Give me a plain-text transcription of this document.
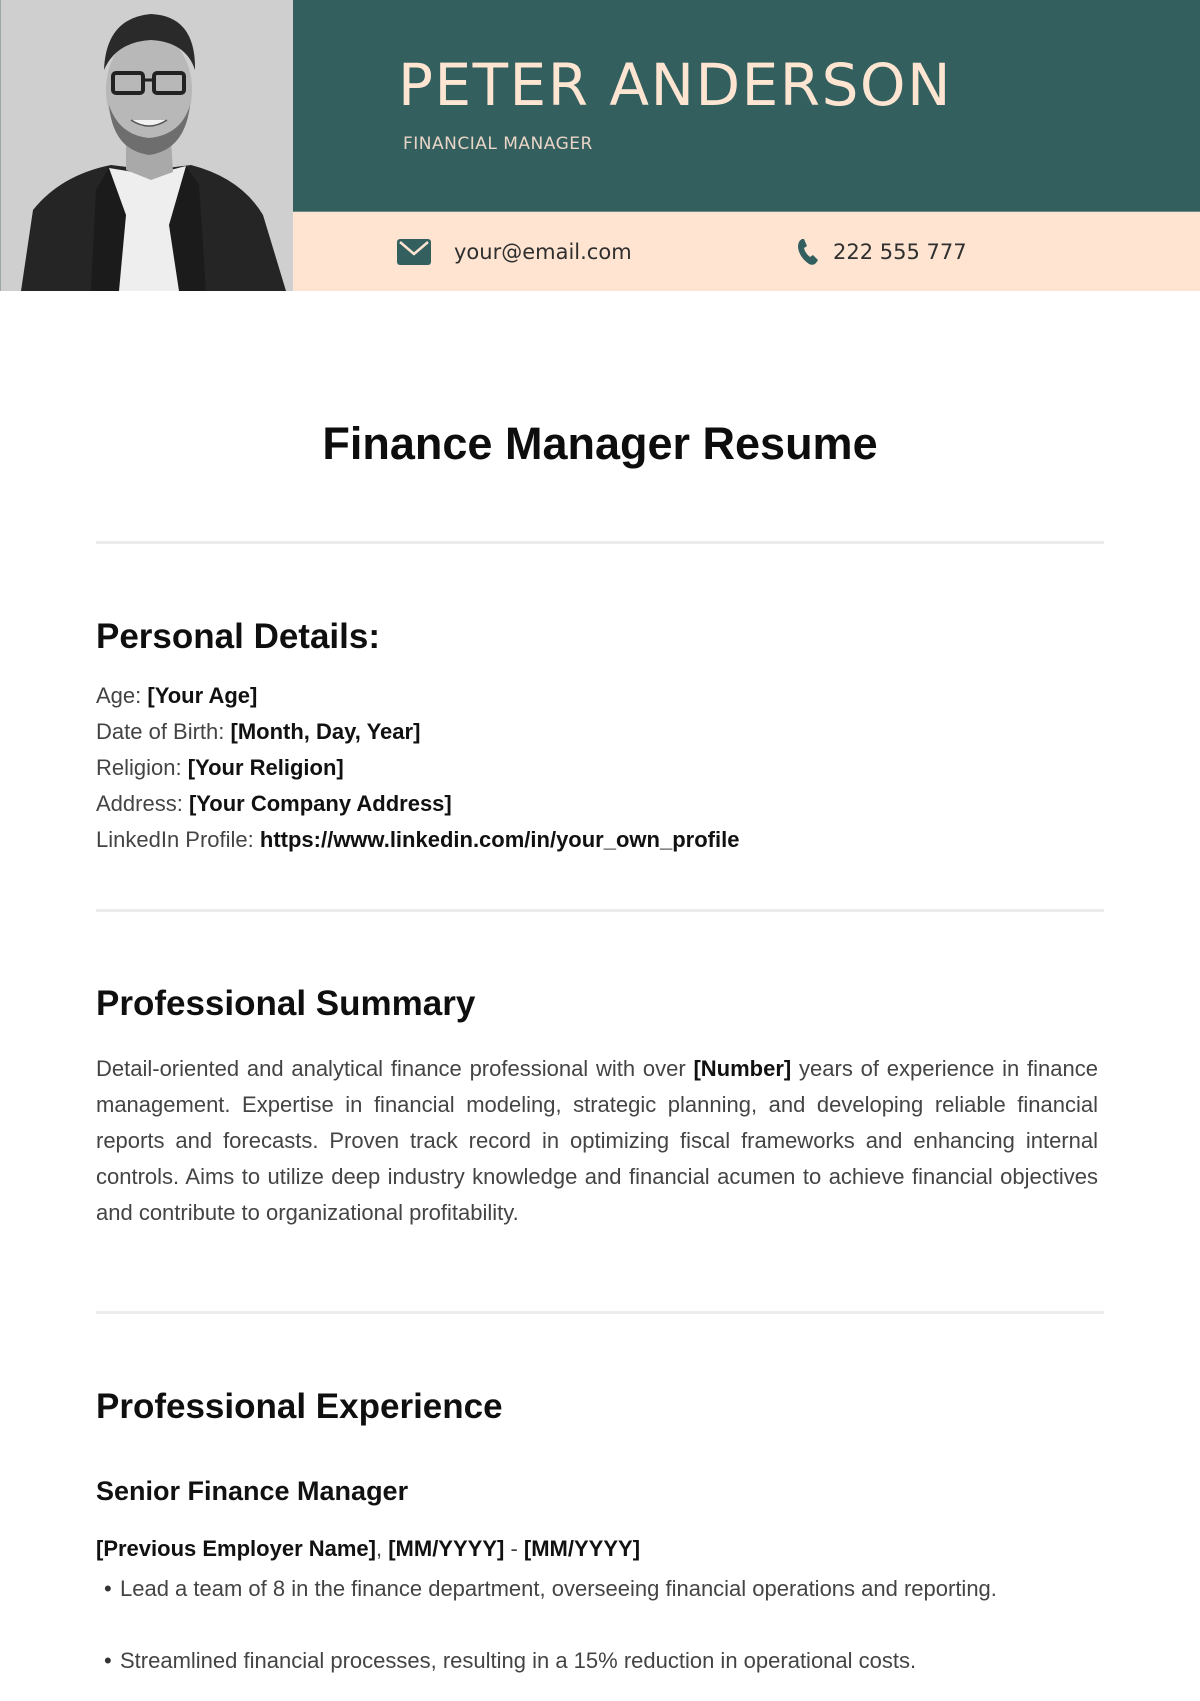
PETER ANDERSON
FINANCIAL MANAGER
your@email.com	222 555 777
Finance Manager Resume
Personal Details:
Age: [Your Age]
Date of Birth: [Month, Day, Year]
Religion: [Your Religion]
Address: [Your Company Address]
LinkedIn Profile: https://www.linkedin.com/in/your_own_profile
Professional Summary

Detail-oriented and analytical finance professional with over [Number] years of experience in finance management. Expertise in financial modeling, strategic planning, and developing reliable financial reports and forecasts. Proven track record in optimizing fiscal frameworks and enhancing internal controls. Aims to utilize deep industry knowledge and financial acumen to achieve financial objectives and contribute to organizational profitability.

Professional Experience
Senior Finance Manager
[Previous Employer Name], [MM/YYYY] - [MM/YYYY]
• Lead a team of 8 in the finance department, overseeing financial operations and reporting.
• Streamlined financial processes, resulting in a 15% reduction in operational costs.
